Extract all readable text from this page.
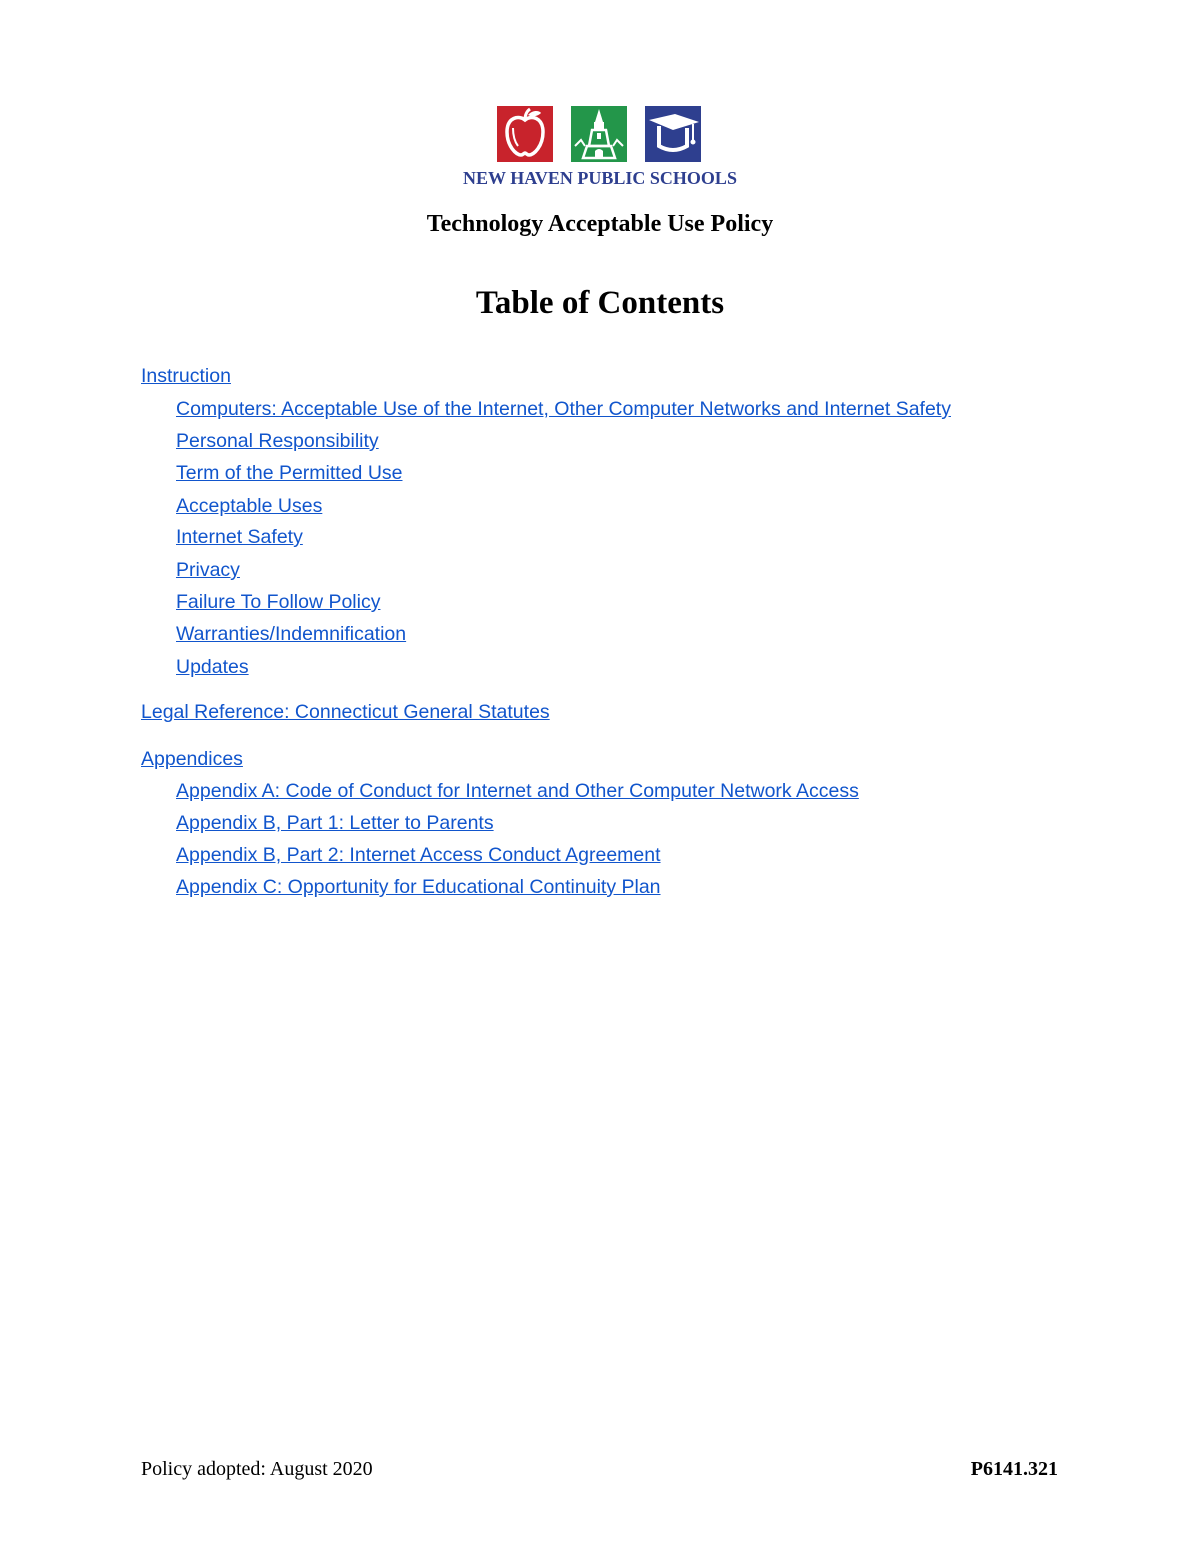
NEW HAVEN PUBLIC SCHOOLS
Technology Acceptable Use Policy
Table of Contents
Instruction
Computers: Acceptable Use of the Internet, Other Computer Networks and Internet Safety
Personal Responsibility
Term of the Permitted Use
Acceptable Uses
Internet Safety
Privacy
Failure To Follow Policy
Warranties/Indemnification
Updates
Legal Reference: Connecticut General Statutes
Appendices
Appendix A: Code of Conduct for Internet and Other Computer Network Access
Appendix B, Part 1: Letter to Parents
Appendix B, Part 2: Internet Access Conduct Agreement
Appendix C: Opportunity for Educational Continuity Plan
Policy adopted: August 2020	P6141.321
